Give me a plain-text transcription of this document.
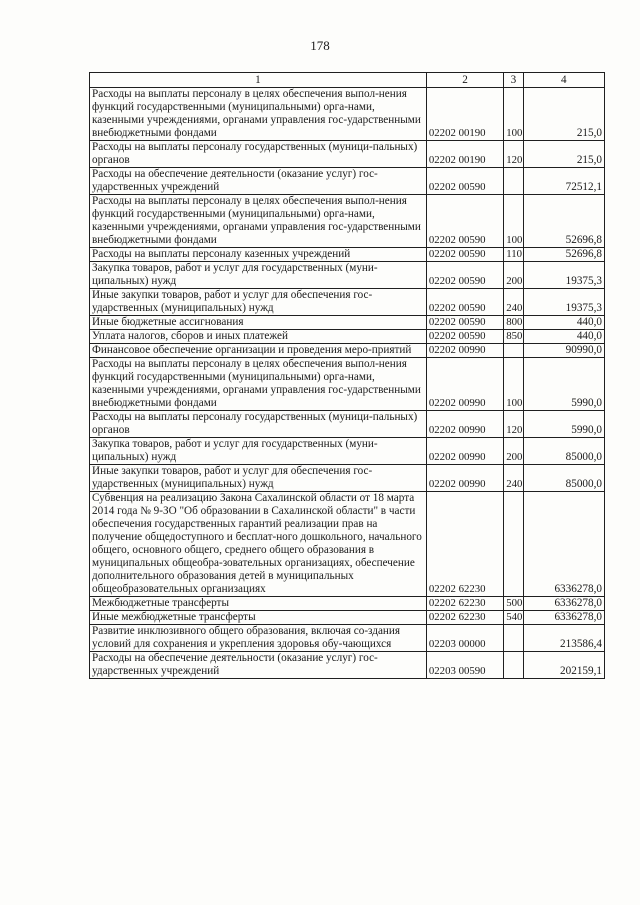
178
1	2	3	4
Расходы на выплаты персоналу в целях обеспечения выпол-нения функций государственными (муниципальными) орга-нами, казенными учреждениями, органами управления гос-ударственными внебюджетными фондами	02202 00190	100	215,0
Расходы на выплаты персоналу государственных (муници-пальных) органов	02202 00190	120	215,0
Расходы на обеспечение деятельности (оказание услуг) гос-ударственных учреждений	02202 00590		72512,1
Расходы на выплаты персоналу в целях обеспечения выпол-нения функций государственными (муниципальными) орга-нами, казенными учреждениями, органами управления гос-ударственными внебюджетными фондами	02202 00590	100	52696,8
Расходы на выплаты персоналу казенных учреждений	02202 00590	110	52696,8
Закупка товаров, работ и услуг для государственных (муни-ципальных) нужд	02202 00590	200	19375,3
Иные закупки товаров, работ и услуг для обеспечения гос-ударственных (муниципальных) нужд	02202 00590	240	19375,3
Иные бюджетные ассигнования	02202 00590	800	440,0
Уплата налогов, сборов и иных платежей	02202 00590	850	440,0
Финансовое обеспечение организации и проведения меро-приятий	02202 00990		90990,0
Расходы на выплаты персоналу в целях обеспечения выпол-нения функций государственными (муниципальными) орга-нами, казенными учреждениями, органами управления гос-ударственными внебюджетными фондами	02202 00990	100	5990,0
Расходы на выплаты персоналу государственных (муници-пальных) органов	02202 00990	120	5990,0
Закупка товаров, работ и услуг для государственных (муни-ципальных) нужд	02202 00990	200	85000,0
Иные закупки товаров, работ и услуг для обеспечения гос-ударственных (муниципальных) нужд	02202 00990	240	85000,0
Субвенция на реализацию Закона Сахалинской области от 18 марта 2014 года № 9-ЗО "Об образовании в Сахалинской области" в части обеспечения государственных гарантий реализации прав на получение общедоступного и бесплат-ного дошкольного, начального общего, основного общего, среднего общего образования в муниципальных общеобра-зовательных организациях, обеспечение дополнительного образования детей в муниципальных общеобразовательных организациях	02202 62230		6336278,0
Межбюджетные трансферты	02202 62230	500	6336278,0
Иные межбюджетные трансферты	02202 62230	540	6336278,0
Развитие инклюзивного общего образования, включая со-здания условий для сохранения и укрепления здоровья обу-чающихся	02203 00000		213586,4
Расходы на обеспечение деятельности (оказание услуг) гос-ударственных учреждений	02203 00590		202159,1
